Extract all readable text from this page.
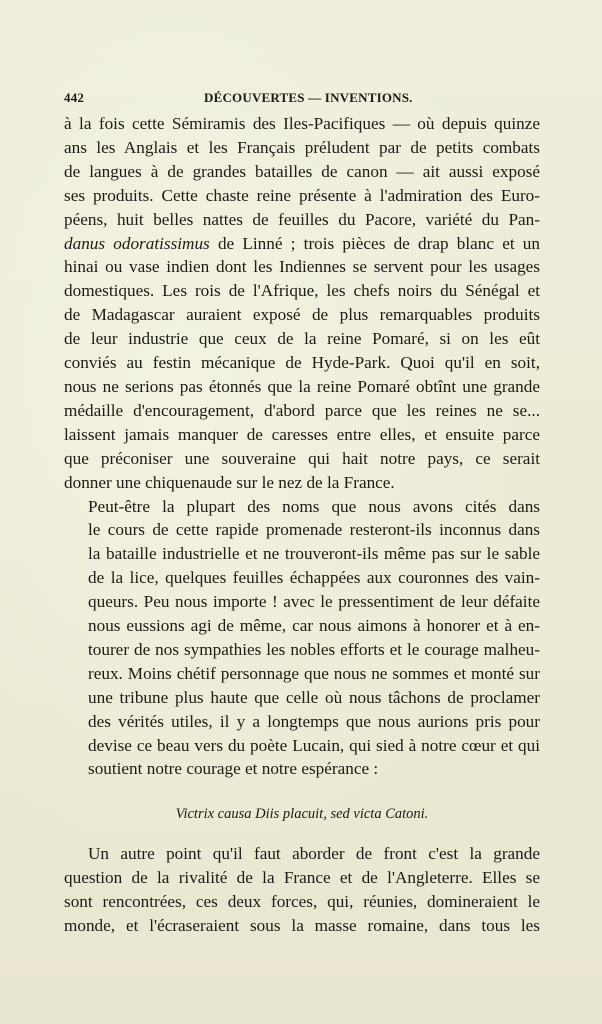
442	DÉCOUVERTES — INVENTIONS.

à la fois cette Sémiramis des Iles-Pacifiques — où depuis quinze
ans les Anglais et les Français préludent par de petits combats
de langues à de grandes batailles de canon — ait aussi exposé
ses produits. Cette chaste reine présente à l'admiration des Euro-
péens, huit belles nattes de feuilles du Pacore, variété du Pan-
danus odoratissimus de Linné ; trois pièces de drap blanc et un
hinai ou vase indien dont les Indiennes se servent pour les usages
domestiques. Les rois de l'Afrique, les chefs noirs du Sénégal et
de Madagascar auraient exposé de plus remarquables produits
de leur industrie que ceux de la reine Pomaré, si on les eût
conviés au festin mécanique de Hyde-Park. Quoi qu'il en soit,
nous ne serions pas étonnés que la reine Pomaré obtînt une grande
médaille d'encouragement, d'abord parce que les reines ne se...
laissent jamais manquer de caresses entre elles, et ensuite parce
que préconiser une souveraine qui hait notre pays, ce serait
donner une chiquenaude sur le nez de la France.

Peut-être la plupart des noms que nous avons cités dans
le cours de cette rapide promenade resteront-ils inconnus dans
la bataille industrielle et ne trouveront-ils même pas sur le sable
de la lice, quelques feuilles échappées aux couronnes des vain-
queurs. Peu nous importe ! avec le pressentiment de leur défaite
nous eussions agi de même, car nous aimons à honorer et à en-
tourer de nos sympathies les nobles efforts et le courage malheu-
reux. Moins chétif personnage que nous ne sommes et monté sur
une tribune plus haute que celle où nous tâchons de proclamer
des vérités utiles, il y a longtemps que nous aurions pris pour
devise ce beau vers du poète Lucain, qui sied à notre cœur et qui
soutient notre courage et notre espérance :

Victrix causa Diis placuit, sed victa Catoni.
Un autre point qu'il faut aborder de front c'est la grande
question de la rivalité de la France et de l'Angleterre. Elles se
sont rencontrées, ces deux forces, qui, réunies, domineraient le
monde, et l'écraseraient sous la masse romaine, dans tous les
